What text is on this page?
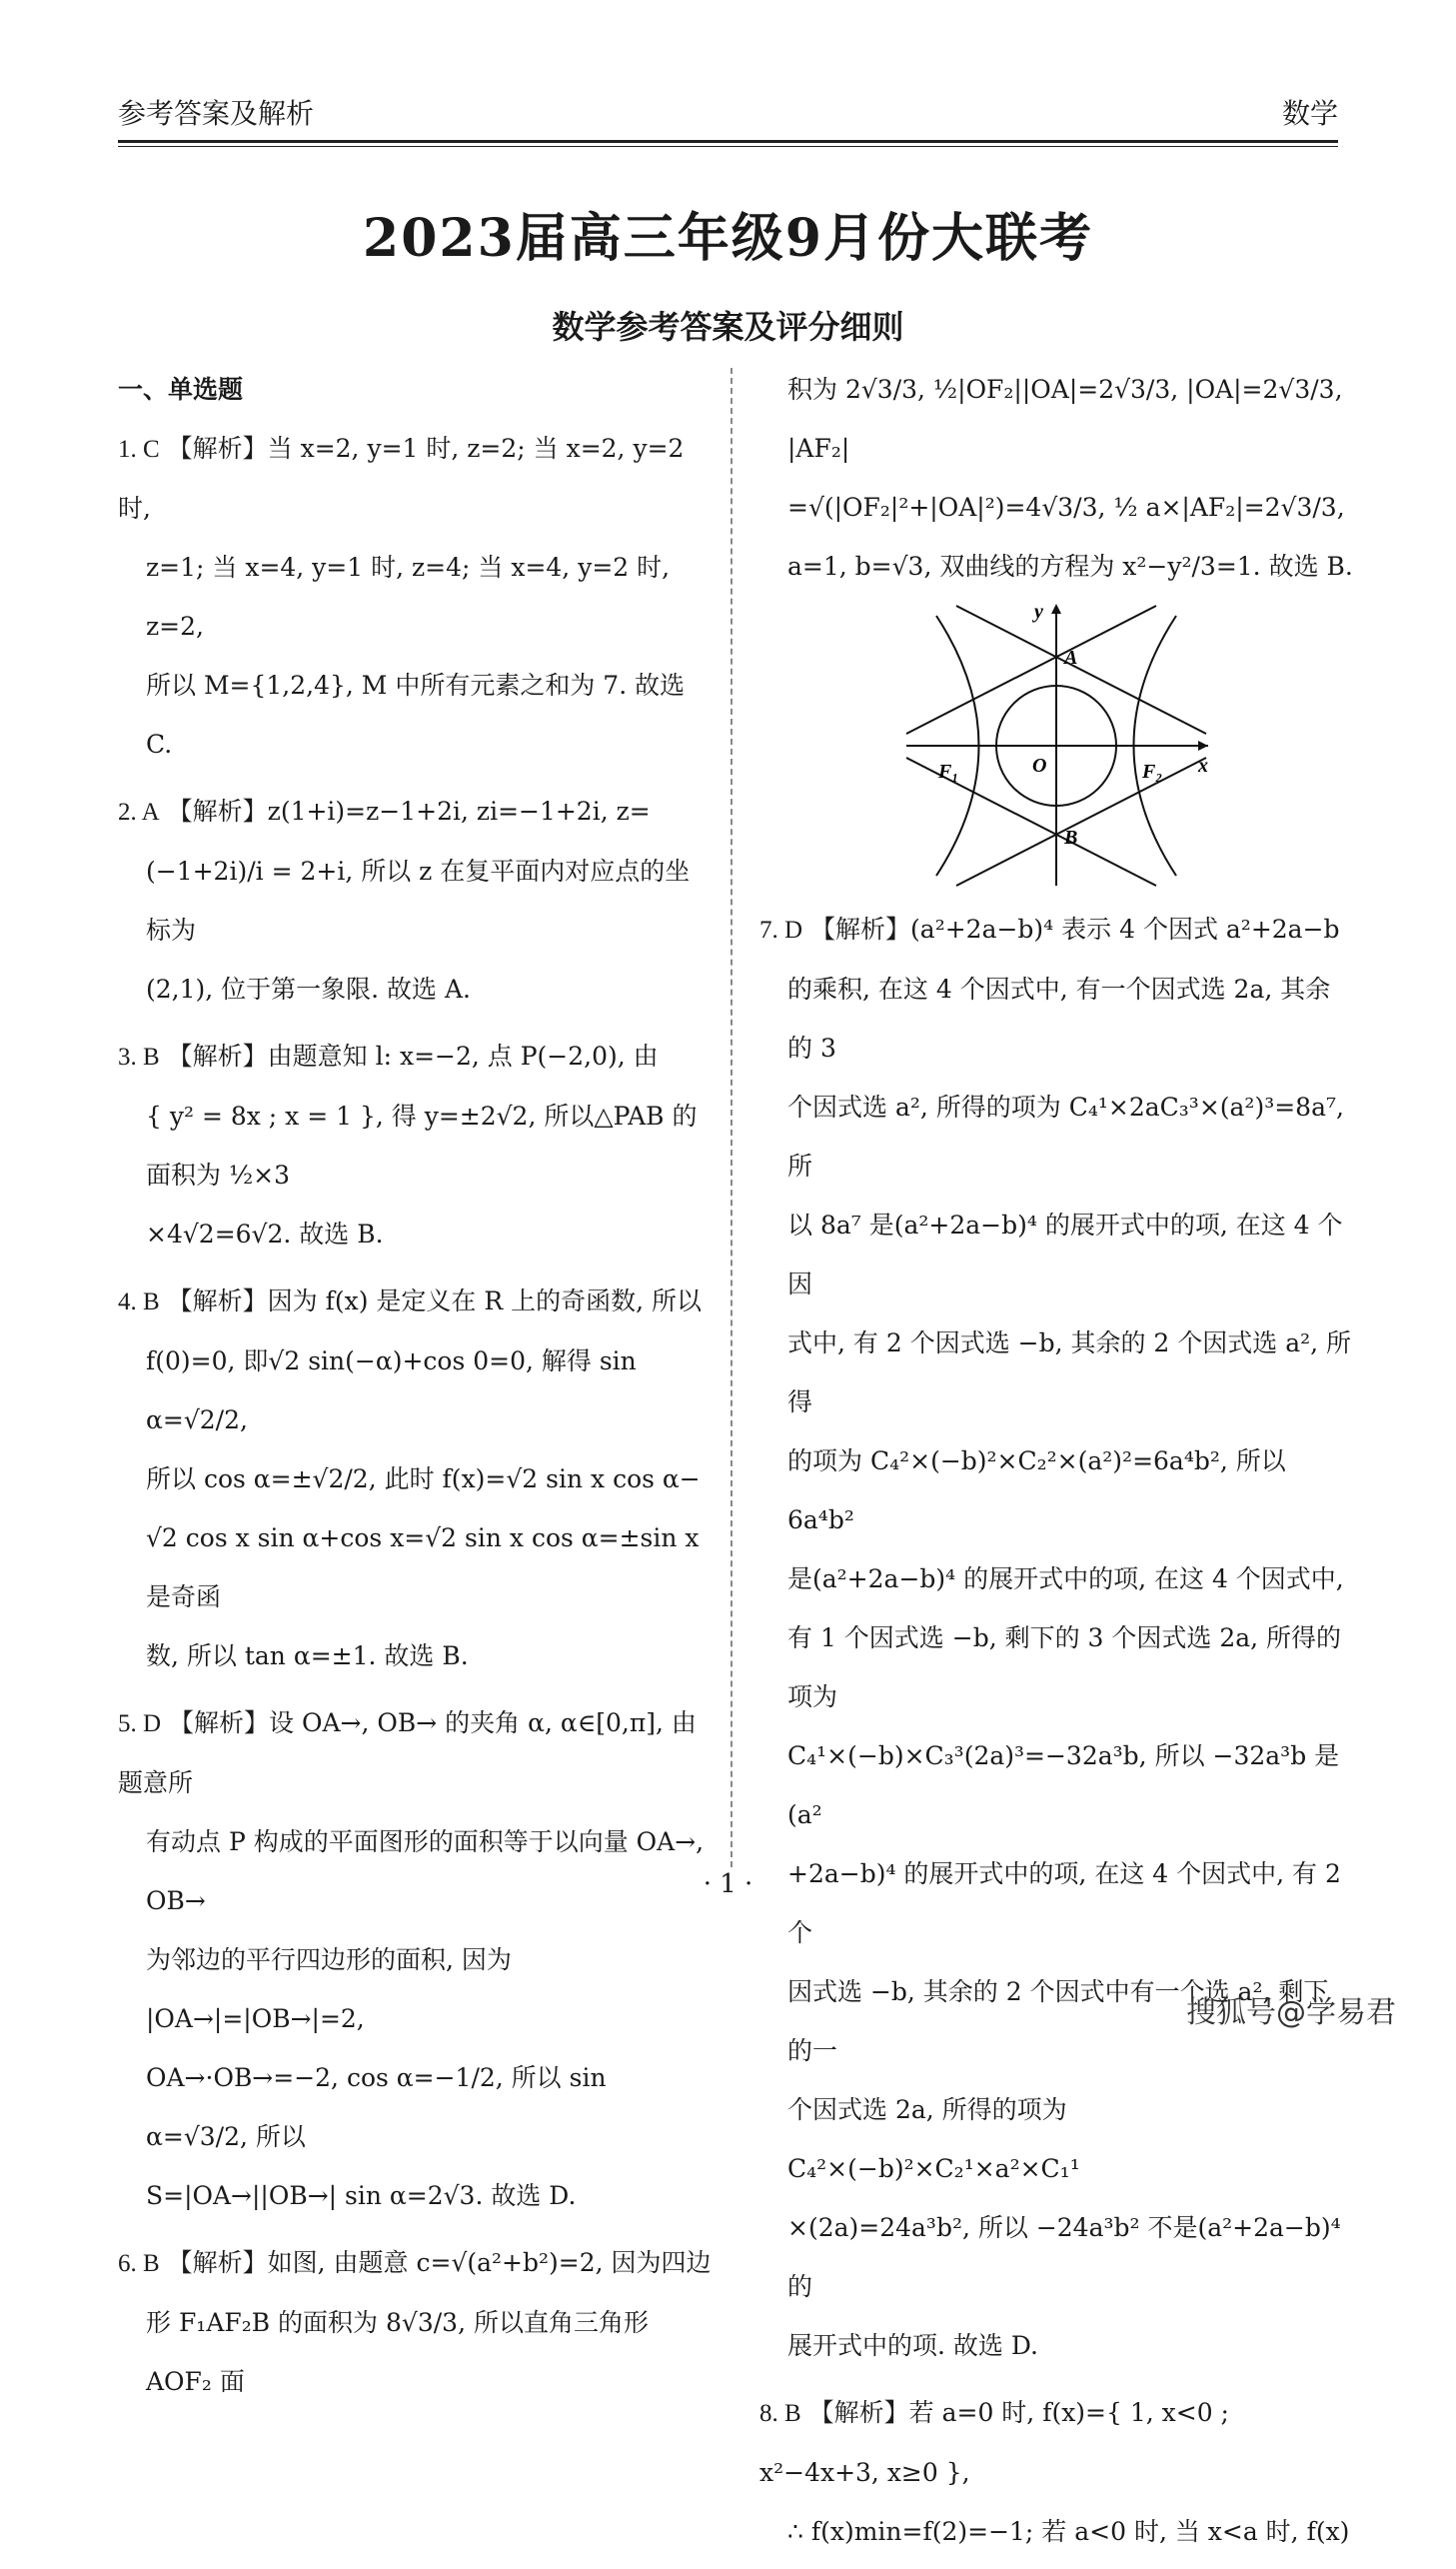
参考答案及解析	数学
2023届高三年级9月份大联考
数学参考答案及评分细则

一、单选题

1. C 【解析】当 x=2, y=1 时, z=2; 当 x=2, y=2 时,

z=1; 当 x=4, y=1 时, z=4; 当 x=4, y=2 时, z=2,

所以 M={1,2,4}, M 中所有元素之和为 7. 故选 C.

2. A 【解析】z(1+i)=z−1+2i, zi=−1+2i, z=

(−1+2i)/i = 2+i, 所以 z 在复平面内对应点的坐标为

(2,1), 位于第一象限. 故选 A.

3. B 【解析】由题意知 l: x=−2, 点 P(−2,0), 由

{ y² = 8x ; x = 1 }, 得 y=±2√2, 所以△PAB 的面积为 ½×3

×4√2=6√2. 故选 B.

4. B 【解析】因为 f(x) 是定义在 R 上的奇函数, 所以

f(0)=0, 即√2 sin(−α)+cos 0=0, 解得 sin α=√2/2,

所以 cos α=±√2/2, 此时 f(x)=√2 sin x cos α−

√2 cos x sin α+cos x=√2 sin x cos α=±sin x 是奇函

数, 所以 tan α=±1. 故选 B.

5. D 【解析】设 OA→, OB→ 的夹角 α, α∈[0,π], 由题意所

有动点 P 构成的平面图形的面积等于以向量 OA→, OB→

为邻边的平行四边形的面积, 因为 |OA→|=|OB→|=2,

OA→·OB→=−2, cos α=−1/2, 所以 sin α=√3/2, 所以

S=|OA→||OB→| sin α=2√3. 故选 D.

6. B 【解析】如图, 由题意 c=√(a²+b²)=2, 因为四边

形 F₁AF₂B 的面积为 8√3/3, 所以直角三角形 AOF₂ 面

积为 2√3/3, ½|OF₂||OA|=2√3/3, |OA|=2√3/3, |AF₂|

=√(|OF₂|²+|OA|²)=4√3/3, ½ a×|AF₂|=2√3/3,

a=1, b=√3, 双曲线的方程为 x²−y²/3=1. 故选 B.

y
x
A
B
O
F₁	F₂

7. D 【解析】(a²+2a−b)⁴ 表示 4 个因式 a²+2a−b

的乘积, 在这 4 个因式中, 有一个因式选 2a, 其余的 3

个因式选 a², 所得的项为 C₄¹×2aC₃³×(a²)³=8a⁷, 所

以 8a⁷ 是(a²+2a−b)⁴ 的展开式中的项, 在这 4 个因

式中, 有 2 个因式选 −b, 其余的 2 个因式选 a², 所得

的项为 C₄²×(−b)²×C₂²×(a²)²=6a⁴b², 所以 6a⁴b²

是(a²+2a−b)⁴ 的展开式中的项, 在这 4 个因式中,

有 1 个因式选 −b, 剩下的 3 个因式选 2a, 所得的项为

C₄¹×(−b)×C₃³(2a)³=−32a³b, 所以 −32a³b 是(a²

+2a−b)⁴ 的展开式中的项, 在这 4 个因式中, 有 2 个

因式选 −b, 其余的 2 个因式中有一个选 a², 剩下的一

个因式选 2a, 所得的项为 C₄²×(−b)²×C₂¹×a²×C₁¹

×(2a)=24a³b², 所以 −24a³b² 不是(a²+2a−b)⁴ 的

展开式中的项. 故选 D.

8. B 【解析】若 a=0 时, f(x)={ 1, x<0 ; x²−4x+3, x≥0 },

∴ f(x)min=f(2)=−1; 若 a<0 时, 当 x<a 时, f(x)

· 1 ·
搜狐号@学易君
